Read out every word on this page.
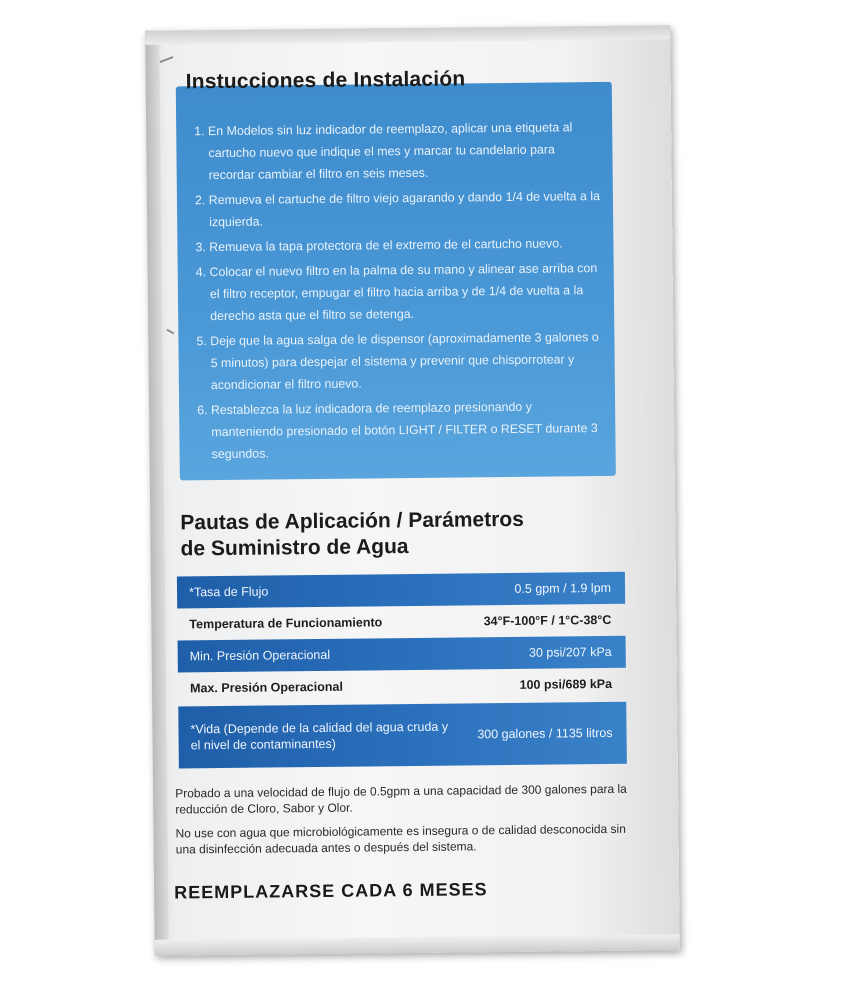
1. En Modelos sin luz indicador de reemplazo, aplicar una etiqueta al cartucho nuevo que indique el mes y marcar tu candelario para recordar cambiar el filtro en seis meses.
2. Remueva el cartuche de filtro viejo agarando y dando 1/4 de vuelta a la izquierda.
3. Remueva la tapa protectora de el extremo de el cartucho nuevo.
4. Colocar el nuevo filtro en la palma de su mano y alinear ase arriba con el filtro receptor, empugar el filtro hacia arriba y de 1/4 de vuelta a la derecho asta que el filtro se detenga.
5. Deje que la agua salga de le dispensor (aproximadamente 3 galones o 5 minutos) para despejar el sistema y prevenir que chisporrotear y acondicionar el filtro nuevo.
6. Restablezca la luz indicadora de reemplazo presionando y manteniendo presionado el botón LIGHT / FILTER o RESET durante 3 segundos.
Instucciones de Instalación
Pautas de Aplicación / Parámetros
de Suministro de Agua
*Tasa de Flujo	0.5 gpm / 1.9 lpm
Temperatura de Funcionamiento	34°F-100°F / 1°C-38°C
Min. Presión Operacional	30 psi/207 kPa
Max. Presión Operacional	100 psi/689 kPa
*Vida (Depende de la calidad del agua cruda y el nivel de contaminantes)
300 galones / 1135 litros
Probado a una velocidad de flujo de 0.5gpm a una capacidad de 300 galones para la reducción de Cloro, Sabor y Olor.
No use con agua que microbiológicamente es insegura o de calidad desconocida sin una disinfección adecuada antes o después del sistema.
REEMPLAZARSE CADA 6 MESES
